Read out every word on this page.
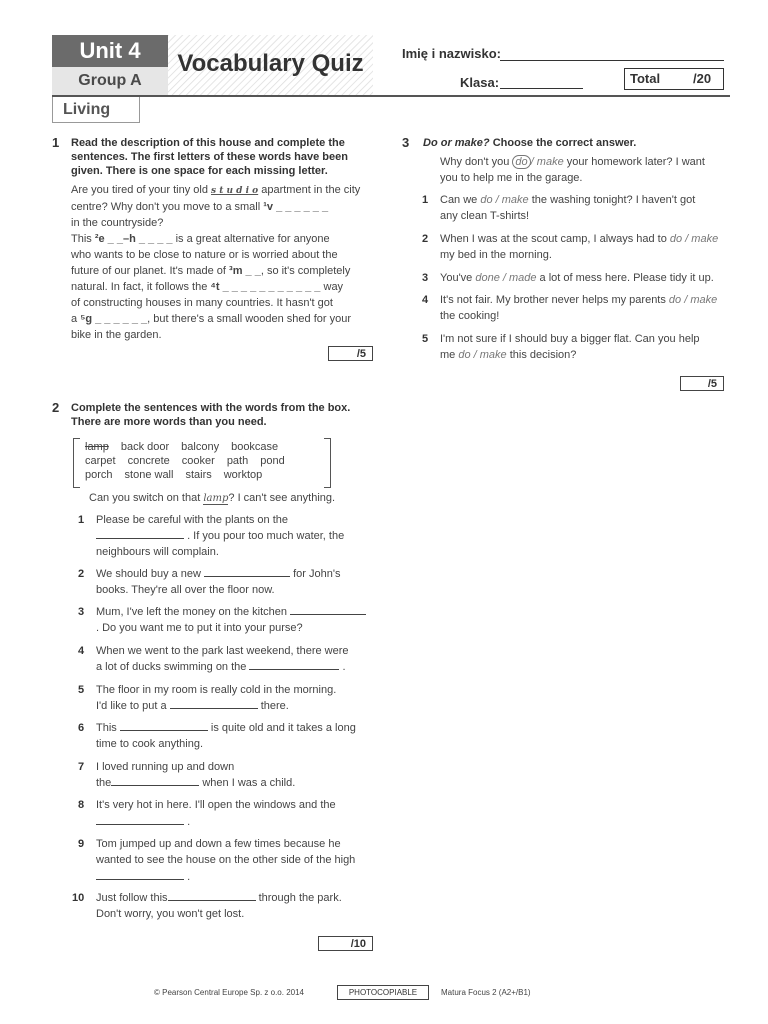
Unit 4
Group A
Vocabulary Quiz
Living
Imię i nazwisko:
Klasa:	Total	/20
1 Read the description of this house and complete the sentences. The first letters of these words have been given. There is one space for each missing letter.
Are you tired of your tiny old s t u d i o apartment in the city
centre? Why don't you move to a small ¹v _ _ _ _ _ _
in the countryside?
This ²e _ _–h _ _ _ _ is a great alternative for anyone
who wants to be close to nature or is worried about the
future of our planet. It's made of ³m _ _, so it's completely
natural. In fact, it follows the ⁴t _ _ _ _ _ _ _ _ _ _ _ way
of constructing houses in many countries. It hasn't got
a ⁵g _ _ _ _ _ _, but there's a small wooden shed for your
bike in the garden.
/5
2 Complete the sentences with the words from the box. There are more words than you need.
lamp back door balcony bookcase
carpet concrete cooker path pond
porch stone wall stairs worktop
Can you switch on that lamp? I can't see anything.
1 Please be careful with the plants on the
. If you pour too much water, the
neighbours will complain.
2 We should buy a new	for John's
books. They're all over the floor now.
3 Mum, I've left the money on the kitchen
. Do you want me to put it into your purse?
4 When we went to the park last weekend, there were
a lot of ducks swimming on the	.
5 The floor in my room is really cold in the morning.
I'd like to put a	there.
6 This	is quite old and it takes a long
time to cook anything.
7 I loved running up and down
the	when I was a child.
8 It's very hot in here. I'll open the windows and the
.
9 Tom jumped up and down a few times because he
wanted to see the house on the other side of the high
.
10 Just follow this	through the park.
Don't worry, you won't get lost.
/10
3 Do or make? Choose the correct answer.
Why don't you do / make your homework later? I want
you to help me in the garage.
1 Can we do / make the washing tonight? I haven't got
any clean T-shirts!
2 When I was at the scout camp, I always had to do / make
my bed in the morning.
3 You've done / made a lot of mess here. Please tidy it up.
4 It's not fair. My brother never helps my parents do / make
the cooking!
5 I'm not sure if I should buy a bigger flat. Can you help
me do / make this decision?
/5
© Pearson Central Europe Sp. z o.o. 2014	PHOTOCOPIABLE	Matura Focus 2 (A2+/B1)
